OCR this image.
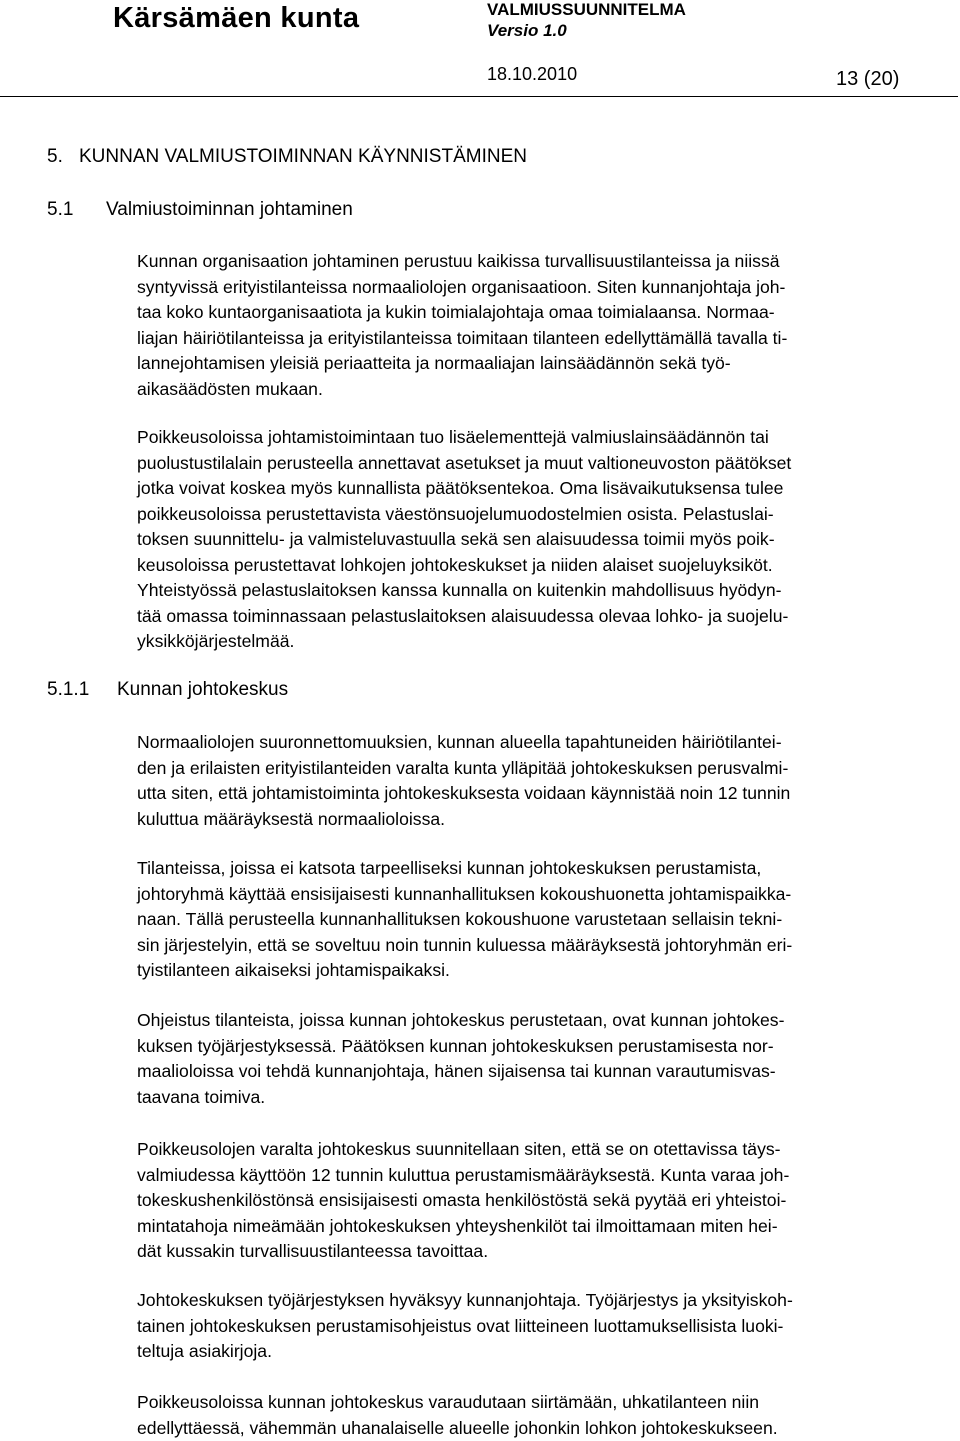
Kärsämäen kunta	VALMIUSSUUNNITELMA
Versio 1.0
18.10.2010	13 (20)
5. KUNNAN VALMIUSTOIMINNAN KÄYNNISTÄMINEN
5.1 Valmiustoiminnan johtaminen
Kunnan organisaation johtaminen perustuu kaikissa turvallisuustilanteissa ja niissä
syntyvissä erityistilanteissa normaaliolojen organisaatioon. Siten kunnanjohtaja joh-
taa koko kuntaorganisaatiota ja kukin toimialajohtaja omaa toimialaansa. Normaa-
liajan häiriötilanteissa ja erityistilanteissa toimitaan tilanteen edellyttämällä tavalla ti-
lannejohtamisen yleisiä periaatteita ja normaaliajan lainsäädännön sekä työ-
aikasäädösten mukaan.
Poikkeusoloissa johtamistoimintaan tuo lisäelementtejä valmiuslainsäädännön tai
puolustustilalain perusteella annettavat asetukset ja muut valtioneuvoston päätökset
jotka voivat koskea myös kunnallista päätöksentekoa. Oma lisävaikutuksensa tulee
poikkeusoloissa perustettavista väestönsuojelumuodostelmien osista. Pelastuslai-
toksen suunnittelu- ja valmisteluvastuulla sekä sen alaisuudessa toimii myös poik-
keusoloissa perustettavat lohkojen johtokeskukset ja niiden alaiset suojeluyksiköt.
Yhteistyössä pelastuslaitoksen kanssa kunnalla on kuitenkin mahdollisuus hyödyn-
tää omassa toiminnassaan pelastuslaitoksen alaisuudessa olevaa lohko- ja suojelu-
yksikköjärjestelmää.
5.1.1 Kunnan johtokeskus
Normaaliolojen suuronnettomuuksien, kunnan alueella tapahtuneiden häiriötilantei-
den ja erilaisten erityistilanteiden varalta kunta ylläpitää johtokeskuksen perusvalmi-
utta siten, että johtamistoiminta johtokeskuksesta voidaan käynnistää noin 12 tunnin
kuluttua määräyksestä normaalioloissa.
Tilanteissa, joissa ei katsota tarpeelliseksi kunnan johtokeskuksen perustamista,
johtoryhmä käyttää ensisijaisesti kunnanhallituksen kokoushuonetta johtamispaikka-
naan. Tällä perusteella kunnanhallituksen kokoushuone varustetaan sellaisin tekni-
sin järjestelyin, että se soveltuu noin tunnin kuluessa määräyksestä johtoryhmän eri-
tyistilanteen aikaiseksi johtamispaikaksi.
Ohjeistus tilanteista, joissa kunnan johtokeskus perustetaan, ovat kunnan johtokes-
kuksen työjärjestyksessä. Päätöksen kunnan johtokeskuksen perustamisesta nor-
maalioloissa voi tehdä kunnanjohtaja, hänen sijaisensa tai kunnan varautumisvas-
taavana toimiva.
Poikkeusolojen varalta johtokeskus suunnitellaan siten, että se on otettavissa täys-
valmiudessa käyttöön 12 tunnin kuluttua perustamismääräyksestä. Kunta varaa joh-
tokeskushenkilöstönsä ensisijaisesti omasta henkilöstöstä sekä pyytää eri yhteistoi-
mintatahoja nimeämään johtokeskuksen yhteyshenkilöt tai ilmoittamaan miten hei-
dät kussakin turvallisuustilanteessa tavoittaa.
Johtokeskuksen työjärjestyksen hyväksyy kunnanjohtaja. Työjärjestys ja yksityiskoh-
tainen johtokeskuksen perustamisohjeistus ovat liitteineen luottamuksellisista luoki-
teltuja asiakirjoja.
Poikkeusoloissa kunnan johtokeskus varaudutaan siirtämään, uhkatilanteen niin
edellyttäessä, vähemmän uhanalaiselle alueelle johonkin lohkon johtokeskukseen.
